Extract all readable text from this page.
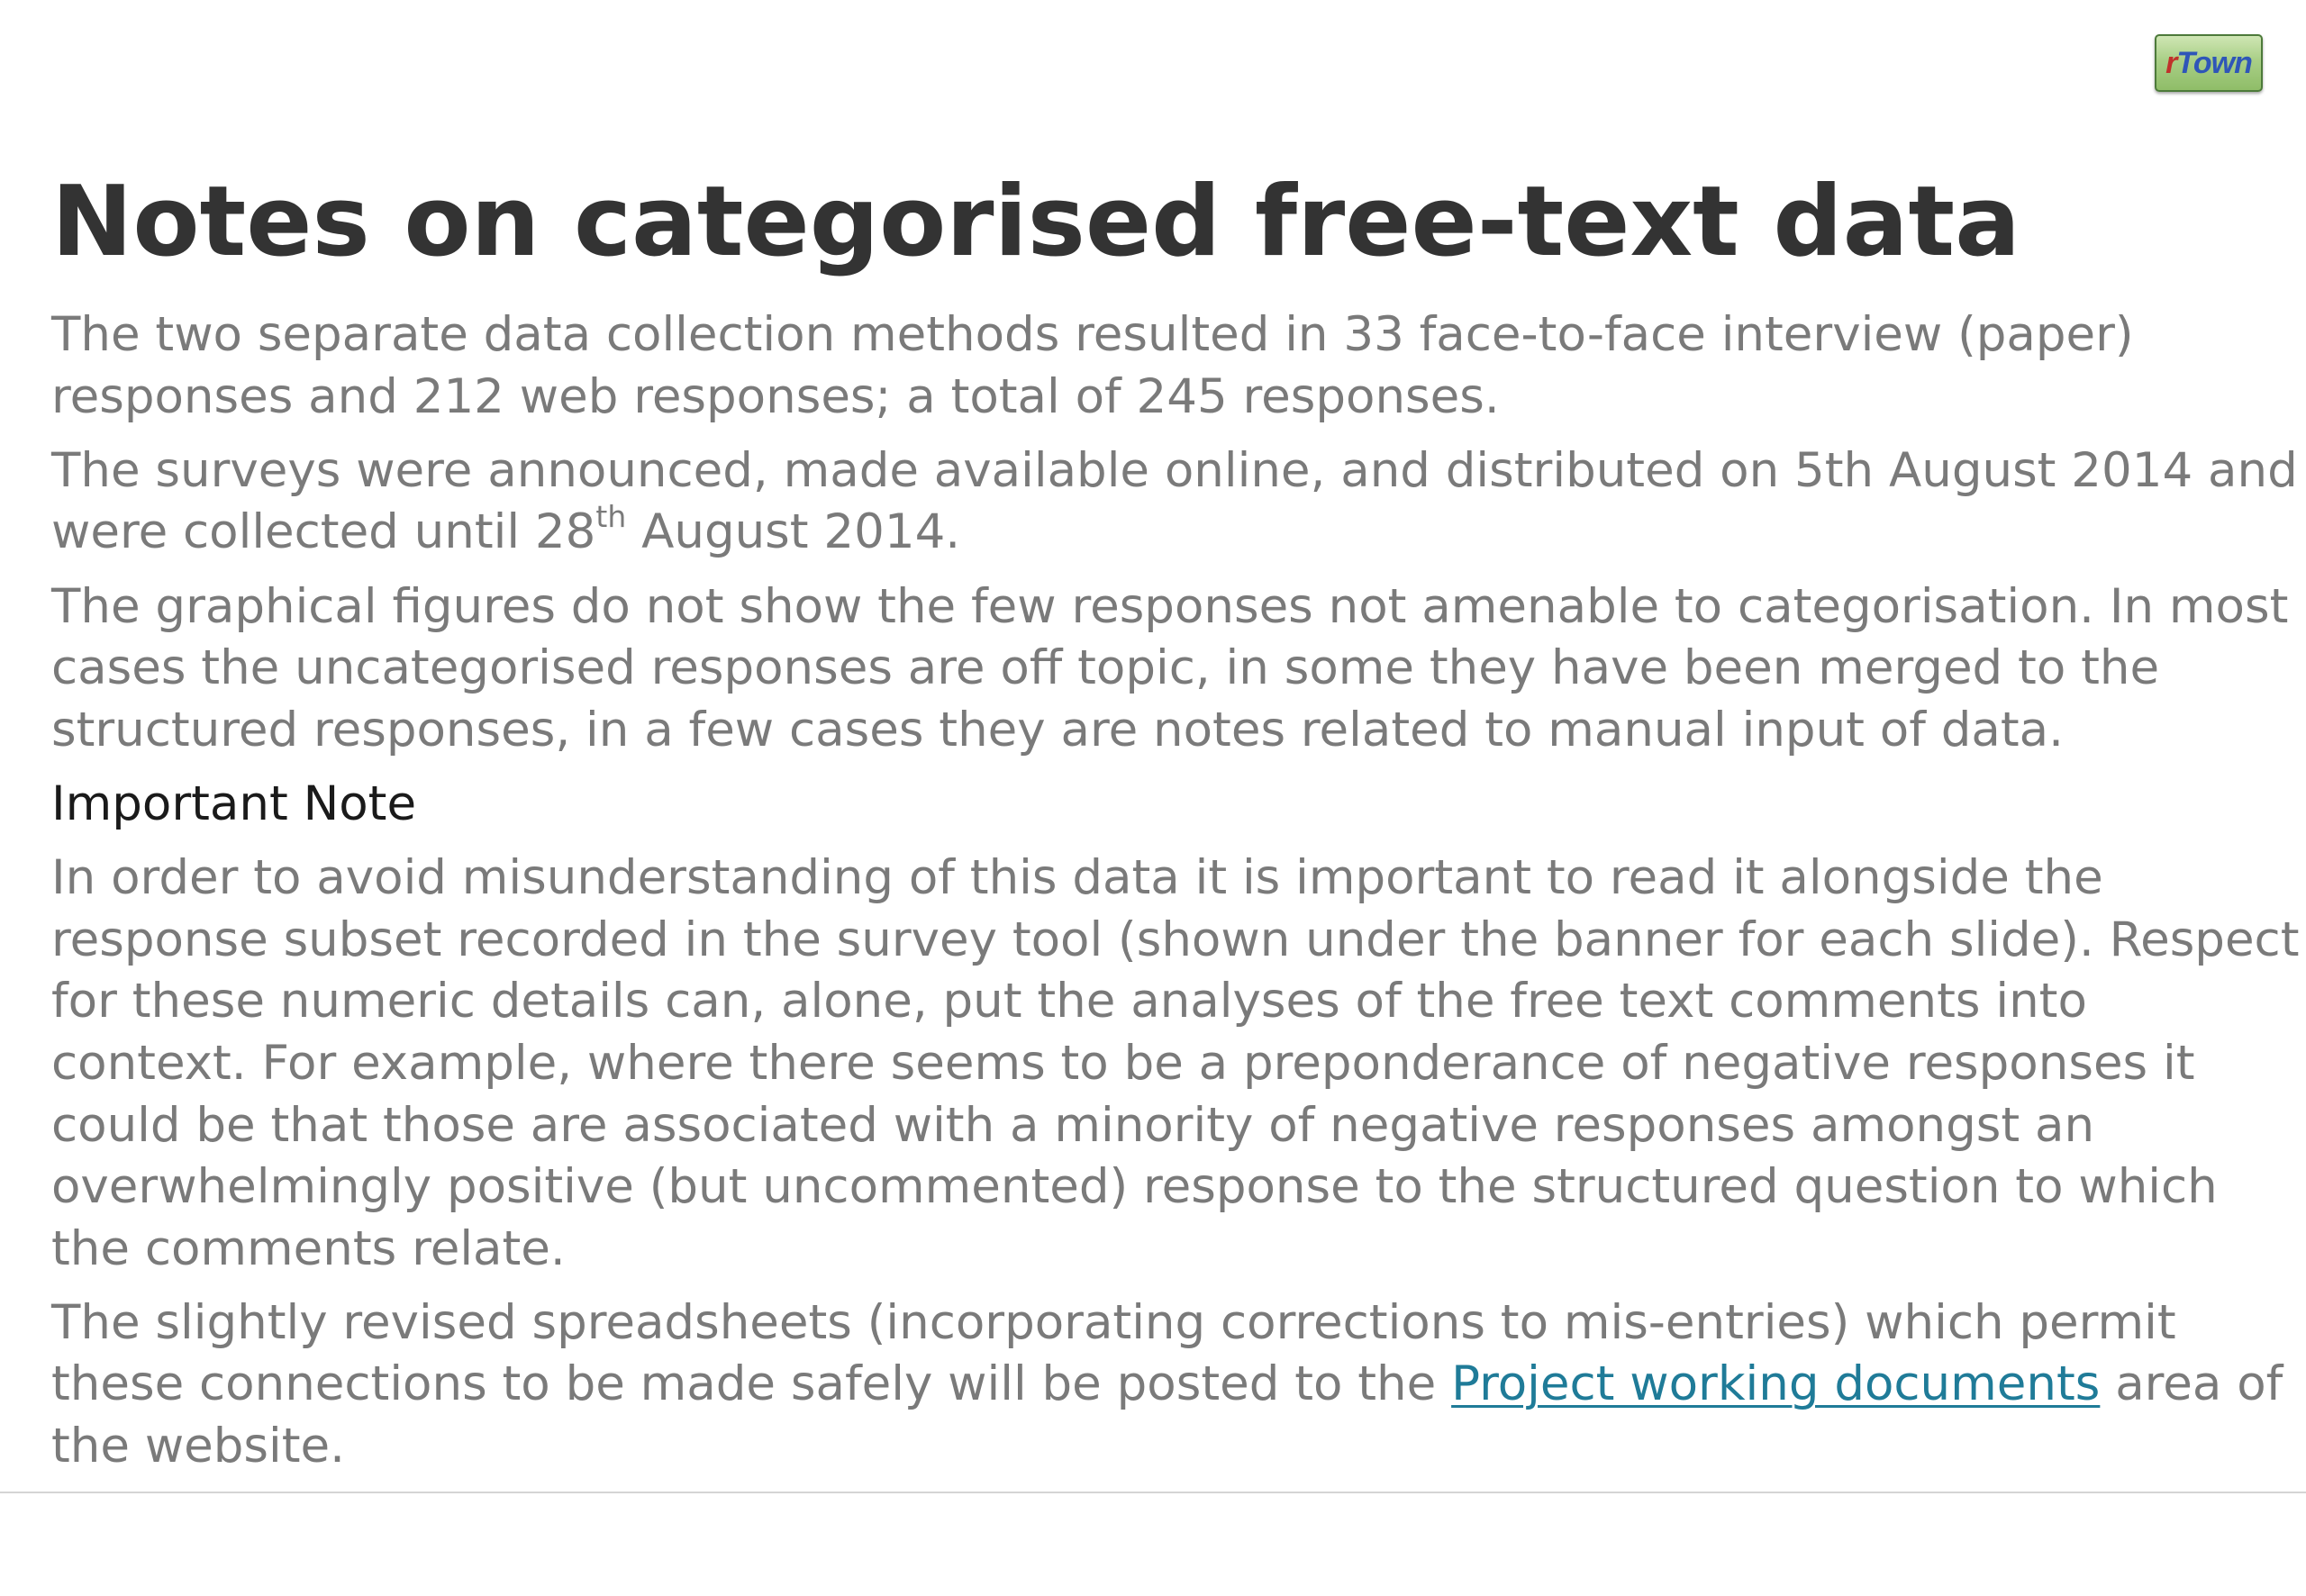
rTown
Notes on categorised free-text data

The two separate data collection methods resulted in 33 face-to-face interview (paper)
responses and 212 web responses; a total of 245 responses.

The surveys were announced, made available online, and distributed on 5th August 2014 and
were collected until 28th August 2014.

The graphical figures do not show the few responses not amenable to categorisation. In most
cases the uncategorised responses are off topic, in some they have been merged to the
structured responses, in a few cases they are notes related to manual input of data.

Important Note

In order to avoid misunderstanding of this data it is important to read it alongside the
response subset recorded in the survey tool (shown under the banner for each slide). Respect
for these numeric details can, alone, put the analyses of the free text comments into
context. For example, where there seems to be a preponderance of negative responses it
could be that those are associated with a minority of negative responses amongst an
overwhelmingly positive (but uncommented) response to the structured question to which
the comments relate.

The slightly revised spreadsheets (incorporating corrections to mis-entries) which permit
these connections to be made safely will be posted to the Project working documents area of
the website.
